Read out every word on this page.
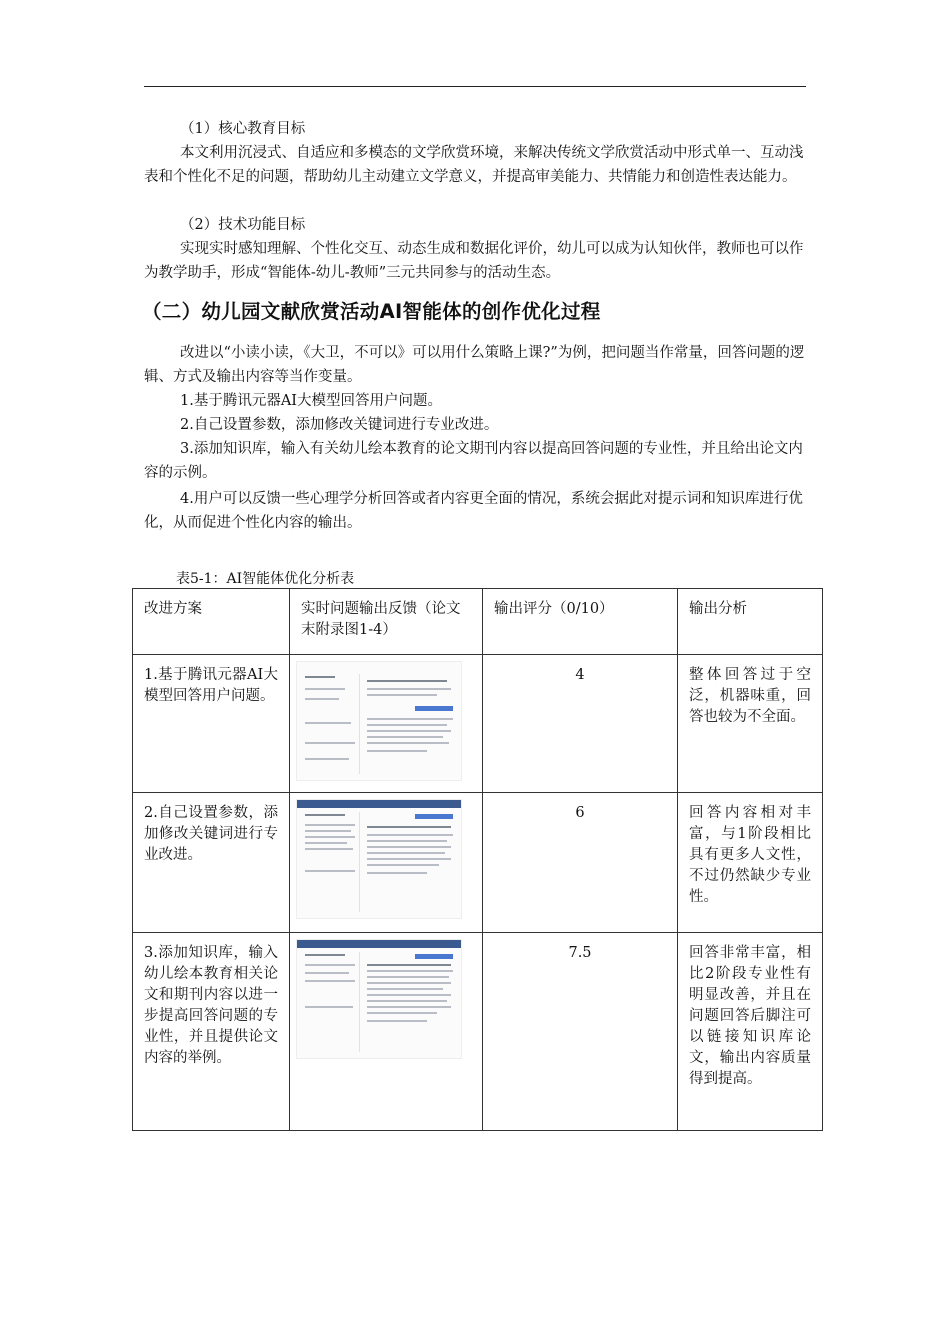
（1）核心教育目标

本文利用沉浸式、自适应和多模态的文学欣赏环境，来解决传统文学欣赏活动中形式单一、互动浅表和个性化不足的问题，帮助幼儿主动建立文学意义，并提高审美能力、共情能力和创造性表达能力。

（2）技术功能目标

实现实时感知理解、个性化交互、动态生成和数据化评价，幼儿可以成为认知伙伴，教师也可以作为教学助手，形成“智能体-幼儿-教师”三元共同参与的活动生态。

（二）幼儿园文献欣赏活动AI智能体的创作优化过程

改进以“小读小读，《大卫，不可以》可以用什么策略上课?”为例，把问题当作常量，回答问题的逻辑、方式及输出内容等当作变量。

1.基于腾讯元器AI大模型回答用户问题。

2.自己设置参数，添加修改关键词进行专业改进。

3.添加知识库，输入有关幼儿绘本教育的论文期刊内容以提高回答问题的专业性，并且给出论文内容的示例。

4.用户可以反馈一些心理学分析回答或者内容更全面的情况，系统会据此对提示词和知识库进行优化，从而促进个性化内容的输出。

表5-1：AI智能体优化分析表
改进方案	实时问题输出反馈（论文末附录图1-4）	输出评分（0/10）	输出分析
1.基于腾讯元器AI大模型回答用户问题。		4	整体回答过于空泛，机器味重，回答也较为不全面。
2.自己设置参数，添加修改关键词进行专业改进。		6	回答内容相对丰富，与1阶段相比具有更多人文性，不过仍然缺少专业性。
3.添加知识库，输入幼儿绘本教育相关论文和期刊内容以进一步提高回答问题的专业性，并且提供论文内容的举例。		7.5	回答非常丰富，相比2阶段专业性有明显改善，并且在问题回答后脚注可以链接知识库论文，输出内容质量得到提高。
